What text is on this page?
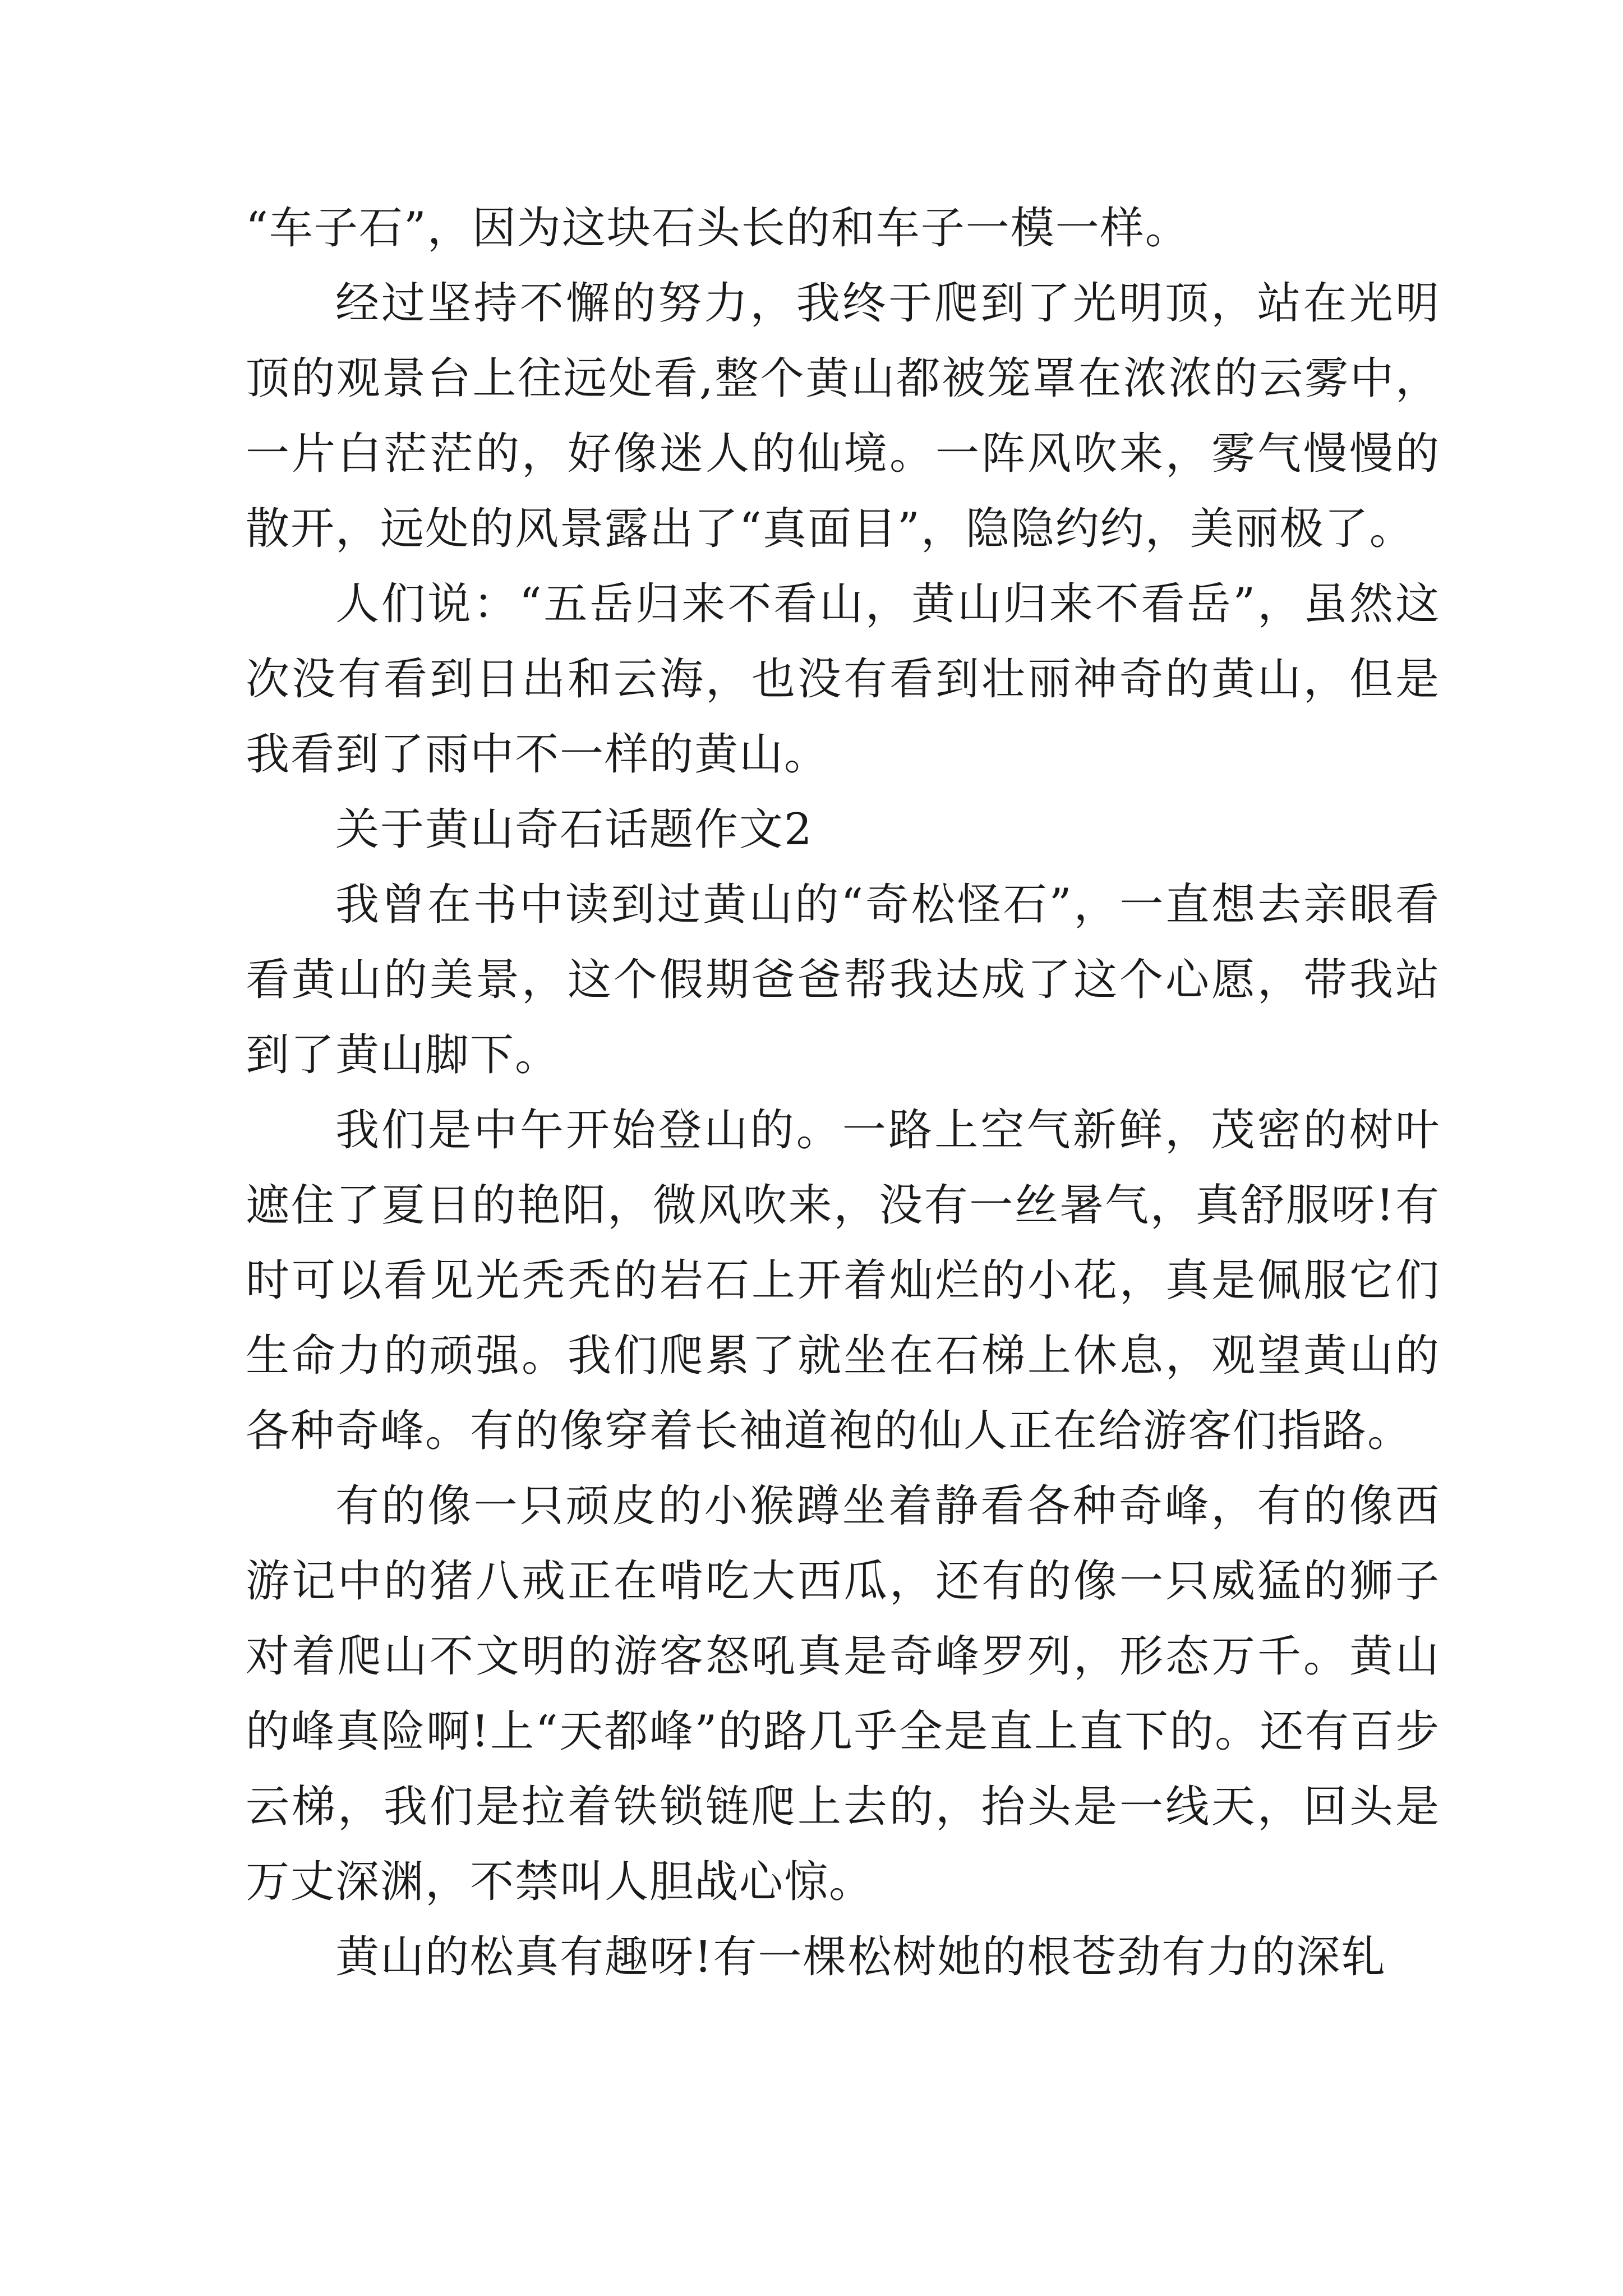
“车子石”，因为这块石头长的和车子一模一样。

经过坚持不懈的努力，我终于爬到了光明顶，站在光明顶的观景台上往远处看,整个黄山都被笼罩在浓浓的云雾中，一片白茫茫的，好像迷人的仙境。一阵风吹来，雾气慢慢的散开，远处的风景露出了“真面目”，隐隐约约，美丽极了。

人们说：“五岳归来不看山，黄山归来不看岳”，虽然这次没有看到日出和云海，也没有看到壮丽神奇的黄山，但是我看到了雨中不一样的黄山。

关于黄山奇石话题作文2

我曾在书中读到过黄山的“奇松怪石”，一直想去亲眼看看黄山的美景，这个假期爸爸帮我达成了这个心愿，带我站到了黄山脚下。

我们是中午开始登山的。一路上空气新鲜，茂密的树叶遮住了夏日的艳阳，微风吹来，没有一丝暑气，真舒服呀!有时可以看见光秃秃的岩石上开着灿烂的小花，真是佩服它们生命力的顽强。我们爬累了就坐在石梯上休息，观望黄山的各种奇峰。有的像穿着长袖道袍的仙人正在给游客们指路。

有的像一只顽皮的小猴蹲坐着静看各种奇峰，有的像西游记中的猪八戒正在啃吃大西瓜，还有的像一只威猛的狮子对着爬山不文明的游客怒吼真是奇峰罗列，形态万千。黄山的峰真险啊!上“天都峰”的路几乎全是直上直下的。还有百步云梯，我们是拉着铁锁链爬上去的，抬头是一线天，回头是万丈深渊，不禁叫人胆战心惊。

黄山的松真有趣呀!有一棵松树她的根苍劲有力的深轧
